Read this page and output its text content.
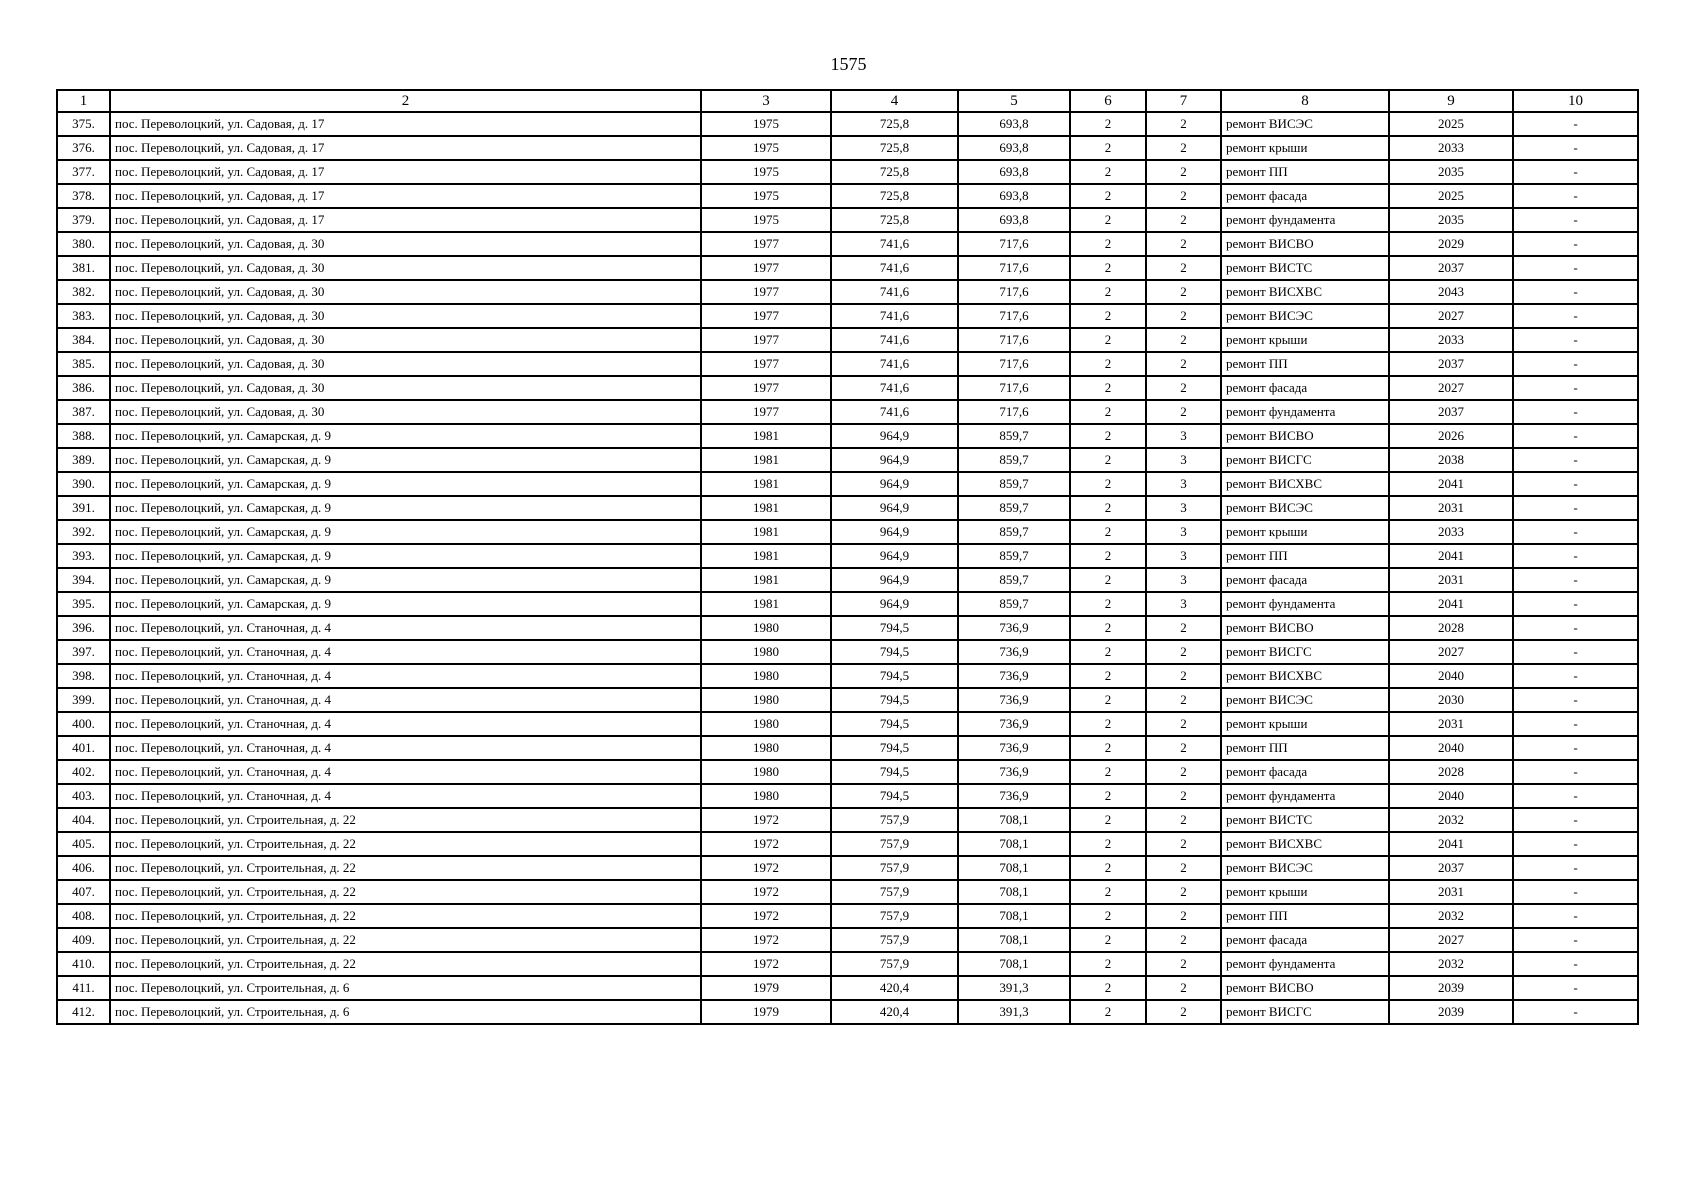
1575
1	2	3	4	5	6	7	8	9	10
375.	пос. Переволоцкий, ул. Садовая, д. 17	1975	725,8	693,8	2	2	ремонт ВИСЭС	2025	-
376.	пос. Переволоцкий, ул. Садовая, д. 17	1975	725,8	693,8	2	2	ремонт крыши	2033	-
377.	пос. Переволоцкий, ул. Садовая, д. 17	1975	725,8	693,8	2	2	ремонт ПП	2035	-
378.	пос. Переволоцкий, ул. Садовая, д. 17	1975	725,8	693,8	2	2	ремонт фасада	2025	-
379.	пос. Переволоцкий, ул. Садовая, д. 17	1975	725,8	693,8	2	2	ремонт фундамента	2035	-
380.	пос. Переволоцкий, ул. Садовая, д. 30	1977	741,6	717,6	2	2	ремонт ВИСВО	2029	-
381.	пос. Переволоцкий, ул. Садовая, д. 30	1977	741,6	717,6	2	2	ремонт ВИСТС	2037	-
382.	пос. Переволоцкий, ул. Садовая, д. 30	1977	741,6	717,6	2	2	ремонт ВИСХВС	2043	-
383.	пос. Переволоцкий, ул. Садовая, д. 30	1977	741,6	717,6	2	2	ремонт ВИСЭС	2027	-
384.	пос. Переволоцкий, ул. Садовая, д. 30	1977	741,6	717,6	2	2	ремонт крыши	2033	-
385.	пос. Переволоцкий, ул. Садовая, д. 30	1977	741,6	717,6	2	2	ремонт ПП	2037	-
386.	пос. Переволоцкий, ул. Садовая, д. 30	1977	741,6	717,6	2	2	ремонт фасада	2027	-
387.	пос. Переволоцкий, ул. Садовая, д. 30	1977	741,6	717,6	2	2	ремонт фундамента	2037	-
388.	пос. Переволоцкий, ул. Самарская, д. 9	1981	964,9	859,7	2	3	ремонт ВИСВО	2026	-
389.	пос. Переволоцкий, ул. Самарская, д. 9	1981	964,9	859,7	2	3	ремонт ВИСГС	2038	-
390.	пос. Переволоцкий, ул. Самарская, д. 9	1981	964,9	859,7	2	3	ремонт ВИСХВС	2041	-
391.	пос. Переволоцкий, ул. Самарская, д. 9	1981	964,9	859,7	2	3	ремонт ВИСЭС	2031	-
392.	пос. Переволоцкий, ул. Самарская, д. 9	1981	964,9	859,7	2	3	ремонт крыши	2033	-
393.	пос. Переволоцкий, ул. Самарская, д. 9	1981	964,9	859,7	2	3	ремонт ПП	2041	-
394.	пос. Переволоцкий, ул. Самарская, д. 9	1981	964,9	859,7	2	3	ремонт фасада	2031	-
395.	пос. Переволоцкий, ул. Самарская, д. 9	1981	964,9	859,7	2	3	ремонт фундамента	2041	-
396.	пос. Переволоцкий, ул. Станочная, д. 4	1980	794,5	736,9	2	2	ремонт ВИСВО	2028	-
397.	пос. Переволоцкий, ул. Станочная, д. 4	1980	794,5	736,9	2	2	ремонт ВИСГС	2027	-
398.	пос. Переволоцкий, ул. Станочная, д. 4	1980	794,5	736,9	2	2	ремонт ВИСХВС	2040	-
399.	пос. Переволоцкий, ул. Станочная, д. 4	1980	794,5	736,9	2	2	ремонт ВИСЭС	2030	-
400.	пос. Переволоцкий, ул. Станочная, д. 4	1980	794,5	736,9	2	2	ремонт крыши	2031	-
401.	пос. Переволоцкий, ул. Станочная, д. 4	1980	794,5	736,9	2	2	ремонт ПП	2040	-
402.	пос. Переволоцкий, ул. Станочная, д. 4	1980	794,5	736,9	2	2	ремонт фасада	2028	-
403.	пос. Переволоцкий, ул. Станочная, д. 4	1980	794,5	736,9	2	2	ремонт фундамента	2040	-
404.	пос. Переволоцкий, ул. Строительная, д. 22	1972	757,9	708,1	2	2	ремонт ВИСТС	2032	-
405.	пос. Переволоцкий, ул. Строительная, д. 22	1972	757,9	708,1	2	2	ремонт ВИСХВС	2041	-
406.	пос. Переволоцкий, ул. Строительная, д. 22	1972	757,9	708,1	2	2	ремонт ВИСЭС	2037	-
407.	пос. Переволоцкий, ул. Строительная, д. 22	1972	757,9	708,1	2	2	ремонт крыши	2031	-
408.	пос. Переволоцкий, ул. Строительная, д. 22	1972	757,9	708,1	2	2	ремонт ПП	2032	-
409.	пос. Переволоцкий, ул. Строительная, д. 22	1972	757,9	708,1	2	2	ремонт фасада	2027	-
410.	пос. Переволоцкий, ул. Строительная, д. 22	1972	757,9	708,1	2	2	ремонт фундамента	2032	-
411.	пос. Переволоцкий, ул. Строительная, д. 6	1979	420,4	391,3	2	2	ремонт ВИСВО	2039	-
412.	пос. Переволоцкий, ул. Строительная, д. 6	1979	420,4	391,3	2	2	ремонт ВИСГС	2039	-
